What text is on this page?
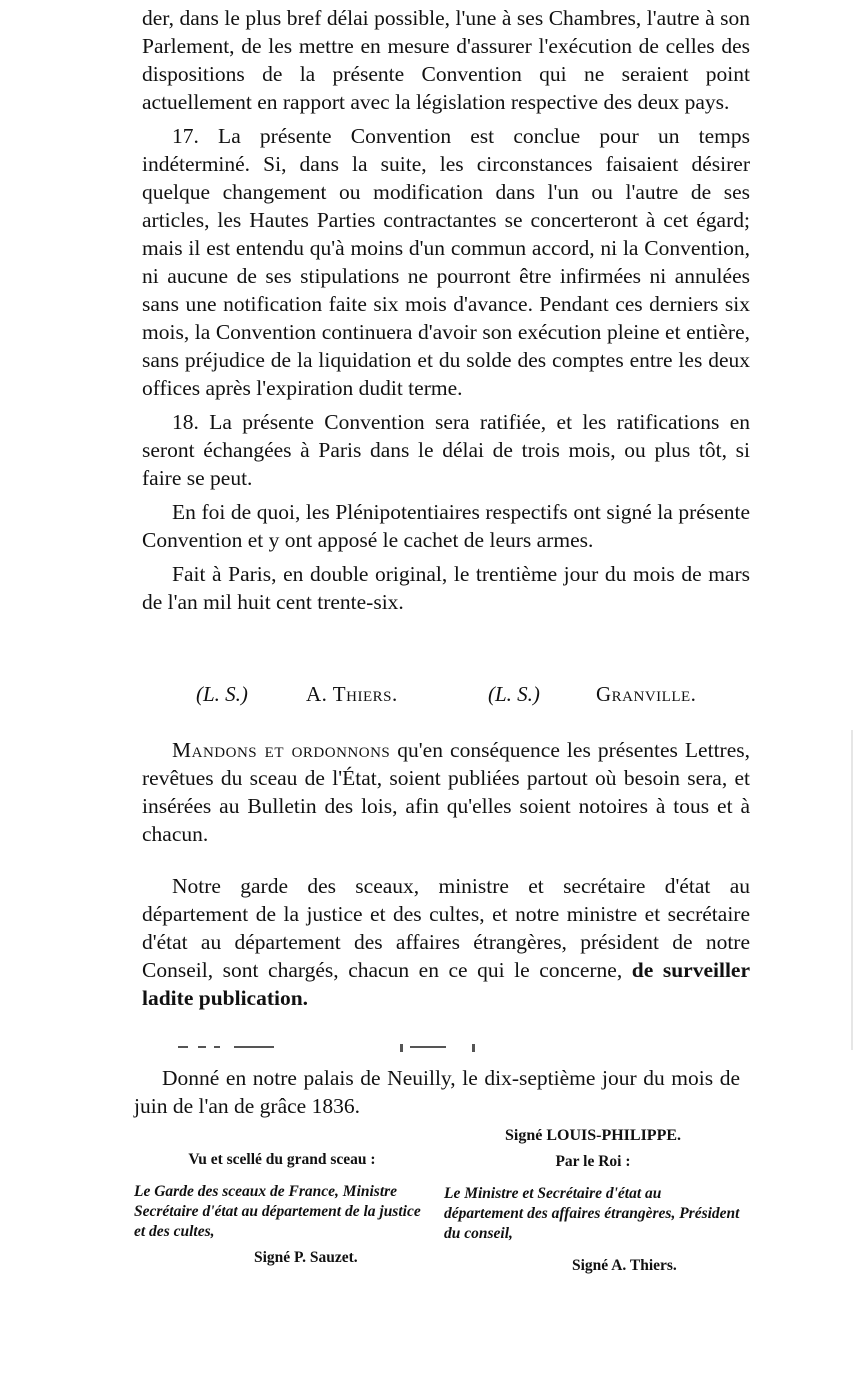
der, dans le plus bref délai possible, l'une à ses Chambres, l'autre à son Parlement, de les mettre en mesure d'assurer l'exécution de celles des dispositions de la présente Convention qui ne seraient point actuellement en rapport avec la législation respective des deux pays.

17. La présente Convention est conclue pour un temps indéterminé. Si, dans la suite, les circonstances faisaient désirer quelque changement ou modification dans l'un ou l'autre de ses articles, les Hautes Parties contractantes se concerteront à cet égard; mais il est entendu qu'à moins d'un commun accord, ni la Convention, ni aucune de ses stipulations ne pourront être infirmées ni annulées sans une notification faite six mois d'avance. Pendant ces derniers six mois, la Convention continuera d'avoir son exécution pleine et entière, sans préjudice de la liquidation et du solde des comptes entre les deux offices après l'expiration dudit terme.

18. La présente Convention sera ratifiée, et les ratifications en seront échangées à Paris dans le délai de trois mois, ou plus tôt, si faire se peut.

En foi de quoi, les Plénipotentiaires respectifs ont signé la présente Convention et y ont apposé le cachet de leurs armes.

Fait à Paris, en double original, le trentième jour du mois de mars de l'an mil huit cent trente-six.

(L. S.)	A. Thiers.	(L. S.)	Granville.

Mandons et ordonnons qu'en conséquence les présentes Lettres, revêtues du sceau de l'État, soient publiées partout où besoin sera, et insérées au Bulletin des lois, afin qu'elles soient notoires à tous et à chacun.

Notre garde des sceaux, ministre et secrétaire d'état au département de la justice et des cultes, et notre ministre et secrétaire d'état au département des affaires étrangères, président de notre Conseil, sont chargés, chacun en ce qui le concerne, de surveiller ladite publication.

Donné en notre palais de Neuilly, le dix-septième jour du mois de juin de l'an de grâce 1836.

Signé LOUIS-PHILIPPE.
Vu et scellé du grand sceau :
Le Garde des sceaux de France, Ministre Secrétaire d'état au département de la justice et des cultes,
Signé P. Sauzet.
Par le Roi :
Le Ministre et Secrétaire d'état au département des affaires étrangères, Président du conseil,
Signé A. Thiers.
